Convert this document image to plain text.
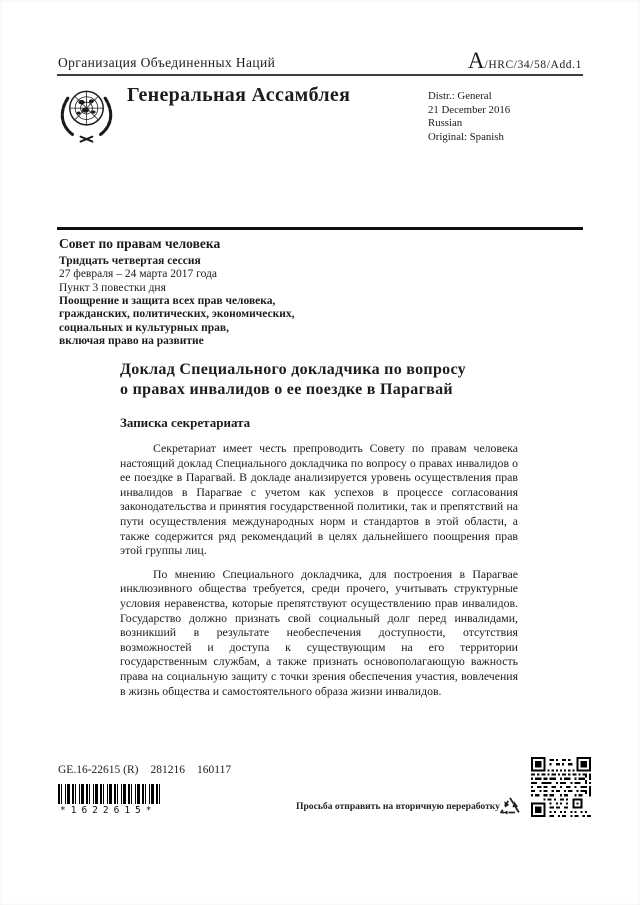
Организация Объединенных Наций	A /HRC/34/58/Add.1
Генеральная Ассамблея	Distr.: General
21 December 2016
Russian
Original: Spanish
Совет по правам человека
Тридцать четвертая сессия
27 февраля – 24 марта 2017 года
Пункт 3 повестки дня
Поощрение и защита всех прав человека,
гражданских, политических, экономических,
социальных и культурных прав,
включая право на развитие
Доклад Специального докладчика по вопросу
о правах инвалидов о ее поездке в Парагвай
Записка секретариата

Секретариат имеет честь препроводить Совету по правам человека настоящий доклад Специального докладчика по вопросу о правах инвалидов о ее поездке в Парагвай. В докладе анализируется уровень осуществления прав инвалидов в Парагвае с учетом как успехов в процессе согласования законодательства и принятия государственной политики, так и препятствий на пути осуществления международных норм и стандартов в этой области, а также содержится ряд рекомендаций в целях дальнейшего поощрения прав этой группы лиц.

По мнению Специального докладчика, для построения в Парагвае инклюзивного общества требуется, среди прочего, учитывать структурные условия неравенства, которые препятствуют осуществлению прав инвалидов. Государство должно признать свой социальный долг перед инвалидами, возникший в результате необеспечения доступности, отсутствия возможностей и доступа к существующим на его территории государственным службам, а также признать основополагающую важность права на социальную защиту с точки зрения обеспечения участия, вовлечения в жизнь общества и самостоятельного образа жизни инвалидов.

GE.16-22615 (R) 281216 160117
*1622615*	Просьба отправить на вторичную переработку
